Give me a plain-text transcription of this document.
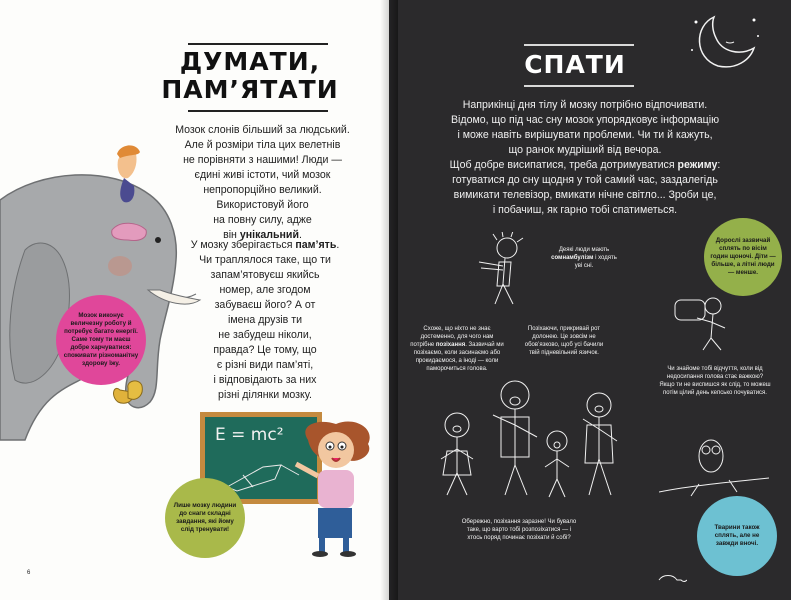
ДУМАТИ,
ПАМ’ЯТАТИ
Мозок слонів більший за людський.
Але й розміри тіла цих велетнів
не порівняти з нашими! Люди —
єдині живі істоти, чий мозок
непропорційно великий.
Використовуй його
на повну силу, адже
він унікальний.
У мозку зберігається пам’ять.
Чи траплялося таке, що ти
запам’ятовуєш якийсь
номер, але згодом
забуваєш його? А от
імена друзів ти
не забудеш ніколи,
правда? Це тому, що
є різні види пам’яті,
і відповідають за них
різні ділянки мозку.
Мозок виконує величезну роботу й потребує багато енергії. Саме тому ти маєш добре харчуватися: споживати різноманітну здорову їжу.
E = mc²
Лише мозку людини до снаги складні завдання, які йому слід тренувати!
6
СПАТИ
Наприкінці дня тілу й мозку потрібно відпочивати.
Відомо, що під час сну мозок упорядковує інформацію
і може навіть вирішувати проблеми. Чи ти й кажуть,
що ранок мудріший від вечора.
Щоб добре висипатися, треба дотримуватися режиму:
готуватися до сну щодня у той самий час, заздалегідь
вимикати телевізор, вмикати нічне світло... Зроби це,
і побачиш, як гарно тобі спатиметься.
Дорослі зазвичай сплять по вісім годин щоночі. Діти — більше, а літні люди — менше.
Деякі люди мають сомнамбулізм і ходять уві сні.
Схоже, що ніхто не знає достеменно, для чого нам потрібне позіхання. Зазвичай ми позіхаємо, коли засинаємо або прокидаємося, а іноді — коли паморочиться голова.
Позіхаючи, прикривай рот долонею. Це зовсім не обов’язково, щоб усі бачили твій підневільний язичок.
Чи знайоме тобі відчуття, коли від недосипання голова стає важкою? Якщо ти не виспишся як слід, то можеш потім цілий день кепсько почуватися.
Обережно, позіхання заразне! Чи бувало таке, що варто тобі розпозіхатися — і хтось поряд починає позіхати й собі?
Тварини також сплять, але не завжди вночі.
